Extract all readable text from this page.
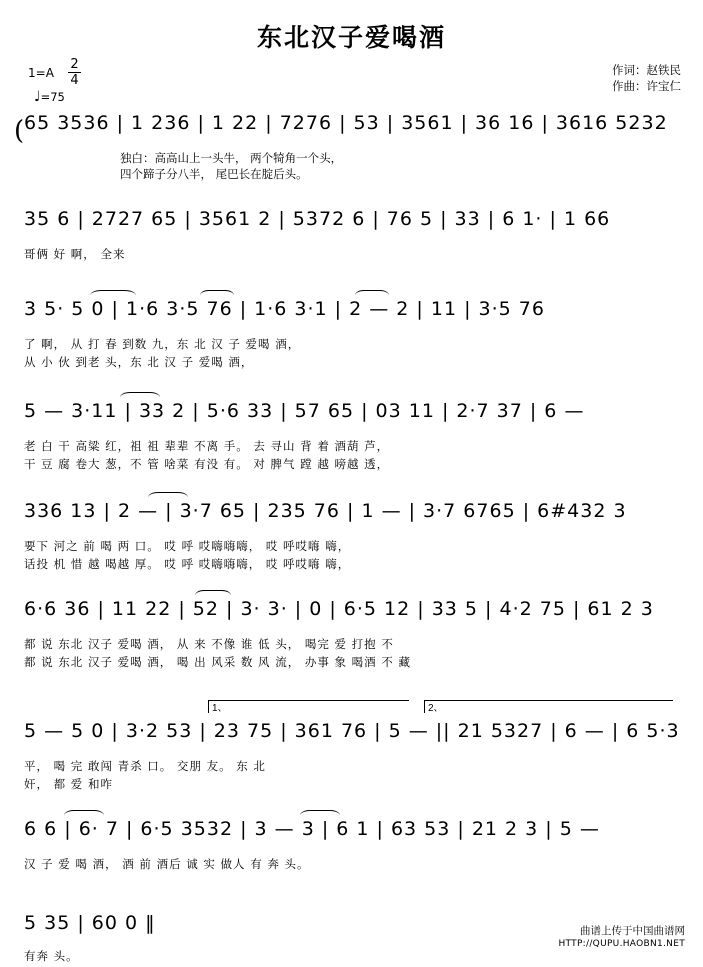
东北汉子爱喝酒
作词：赵铁民
作曲：许宝仁
1=A
2
4
♩=75
( 65 3536 | 1 236 | 1 22 | 7276 | 53 | 3561 | 36 16 | 3616 5232
独白：高高山上一头牛， 两个犄角一个头，
四个蹄子分八半， 尾巴长在腚后头。
35 6 | 2727 65 | 3561 2 | 5372 6 | 76 5 | 33 | 6 1· | 1 66
哥俩 好 啊， 全来
3 5· 5 0 | 1·6 3·5 76 | 1·6 3·1 | 2 — 2 | 11 | 3·5 76
了 啊， 从 打 春 到数 九，东 北 汉 子 爱喝 酒，
从 小 伙 到老 头，东 北 汉 子 爱喝 酒，
5 — 3·11 | 33 2 | 5·6 33 | 57 65 | 03 11 | 2·7 37 | 6 —
老 白 干 高粱 红，祖 祖 辈辈 不离 手。 去 寻山 背 着 酒葫 芦，
干 豆 腐 卷大 葱，不 管 啥菜 有没 有。 对 脾气 蹚 越 嗙越 透，
336 13 | 2 — | 3·7 65 | 235 76 | 1 — | 3·7 6765 | 6#432 3
要下 河之 前 喝 两 口。 哎 呼 哎嗨嗨嗨， 哎 呼哎嗨 嗨，
话投 机 惜 越 喝越 厚。 哎 呼 哎嗨嗨嗨， 哎 呼哎嗨 嗨，
6·6 36 | 11 22 | 52 | 3· 3· | 0 | 6·5 12 | 33 5 | 4·2 75 | 61 2 3
都 说 东北 汉子 爱喝 酒， 从 来 不像 谁 低 头， 喝完 爱 打抱 不
都 说 东北 汉子 爱喝 酒， 喝 出 风采 数 风 流， 办事 象 喝酒 不 藏
1、	2、
5 — 5 0 | 3·2 53 | 23 75 | 361 76 | 5 — || 21 5327 | 6 — | 6 5·3
平， 喝 完 敢闯 青杀 口。 交朋 友。 东 北
奸， 都 爱 和咋
6 6 | 6· 7 | 6·5 3532 | 3 — 3 | 6 1 | 63 53 | 21 2 3 | 5 —
汉 子 爱 喝 酒， 酒 前 酒后 诚 实 做人 有 奔 头。
5 35 | 60 0 ‖
有奔 头。
曲谱上传于中国曲谱网
HTTP://QUPU.HAOBN1.NET
